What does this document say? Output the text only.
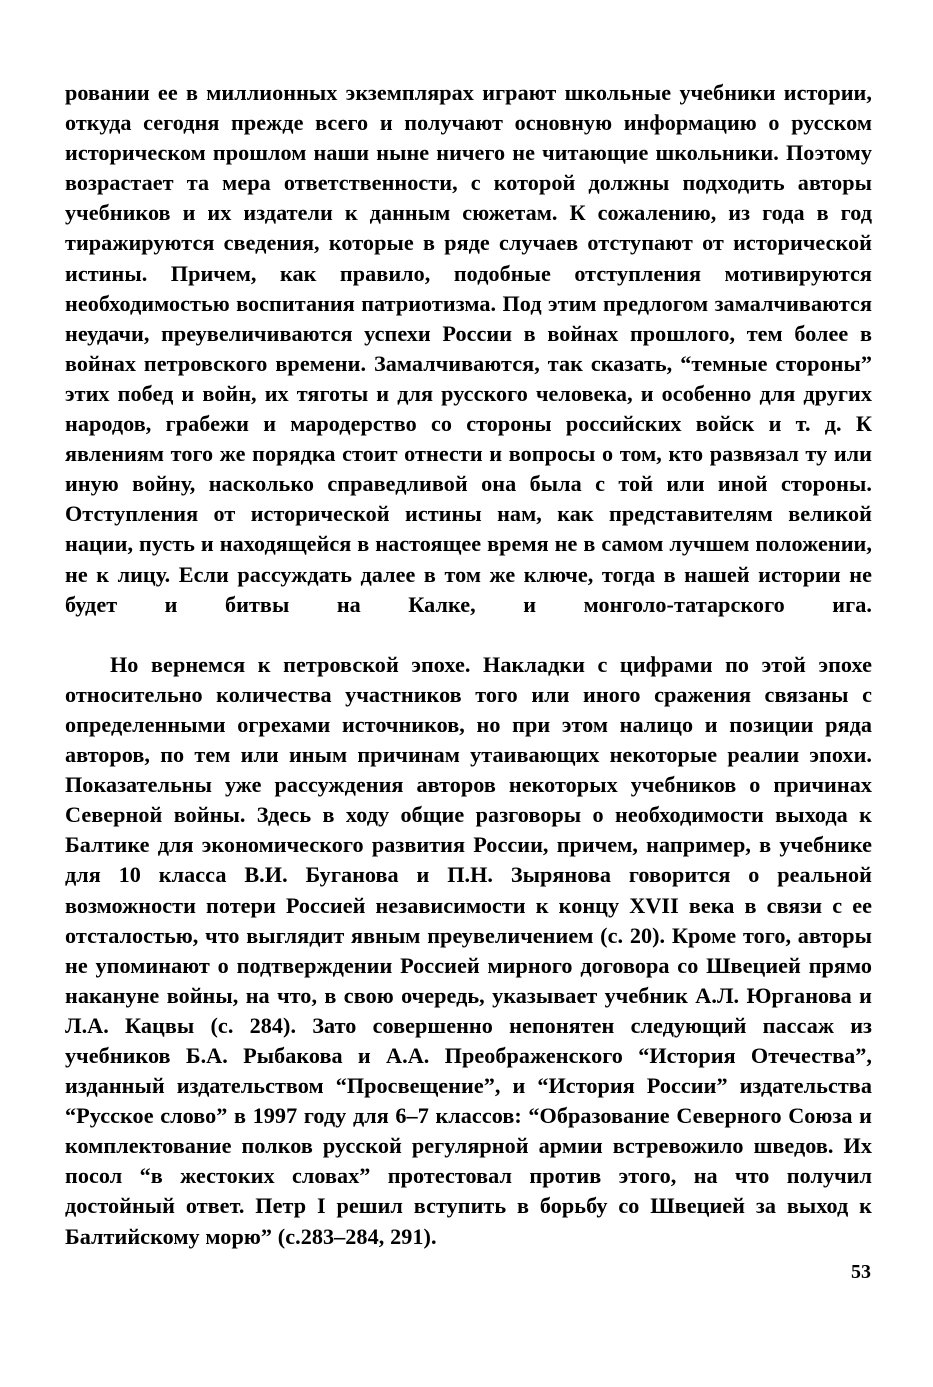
ровании ее в миллионных экземплярах играют школьные учебники истории, откуда сегодня прежде всего и получают основную информацию о русском историческом прошлом наши ныне ничего не читающие школьники. Поэтому возрастает та мера ответственности, с которой должны подходить авторы учебников и их издатели к данным сюжетам. К сожалению, из года в год тиражируются сведения, которые в ряде случаев отступают от исторической истины. Причем, как правило, подобные отступления мотивируются необходимостью воспитания патриотизма. Под этим предлогом замалчиваются неудачи, преувеличиваются успехи России в войнах прошлого, тем более в войнах петровского времени. Замалчиваются, так сказать, “темные стороны” этих побед и войн, их тяготы и для русского человека, и особенно для других народов, грабежи и мародерство со стороны российских войск и т. д. К явлениям того же порядка стоит отнести и вопросы о том, кто развязал ту или иную войну, насколько справедливой она была с той или иной стороны. Отступления от исторической истины нам, как представителям великой нации, пусть и находящейся в настоящее время не в самом лучшем положении, не к лицу. Если рассуждать далее в том же ключе, тогда в нашей истории не будет и битвы на Калке, и монголо-татарского ига.

Но вернемся к петровской эпохе. Накладки с цифрами по этой эпохе относительно количества участников того или иного сражения связаны с определенными огрехами источников, но при этом налицо и позиции ряда авторов, по тем или иным причинам утаивающих некоторые реалии эпохи. Показательны уже рассуждения авторов некоторых учебников о причинах Северной войны. Здесь в ходу общие разговоры о необходимости выхода к Балтике для экономического развития России, причем, например, в учебнике для 10 класса В.И. Буганова и П.Н. Зырянова говорится о реальной возможности потери Россией независимости к концу XVII века в связи с ее отсталостью, что выглядит явным преувеличением (с. 20). Кроме того, авторы не упоминают о подтверждении Россией мирного договора со Швецией прямо накануне войны, на что, в свою очередь, указывает учебник А.Л. Юрганова и Л.А. Кацвы (с. 284). Зато совершенно непонятен следующий пассаж из учебников Б.А. Рыбакова и А.А. Преображенского “История Отечества”, изданный издательством “Просвещение”, и “История России” издательства “Русское слово” в 1997 году для 6–7 классов: “Образование Северного Союза и комплектование полков русской регулярной армии встревожило шведов. Их посол “в жестоких словах” протестовал против этого, на что получил достойный ответ. Петр I решил вступить в борьбу со Швецией за выход к Балтийскому морю” (с.283–284, 291).

53
